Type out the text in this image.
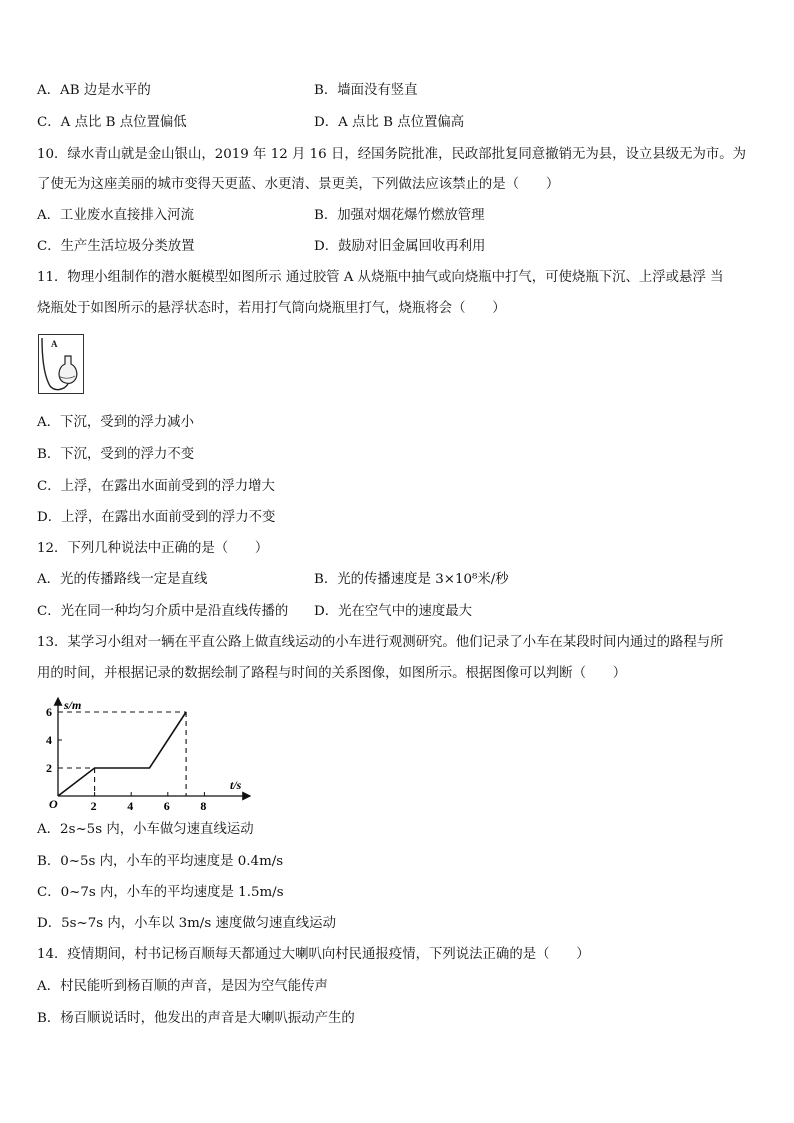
A．AB 边是水平的	B．墙面没有竖直
C．A 点比 B 点位置偏低	D．A 点比 B 点位置偏高
10．绿水青山就是金山银山，2019 年 12 月 16 日，经国务院批准，民政部批复同意撤销无为县，设立县级无为市。为
了使无为这座美丽的城市变得天更蓝、水更清、景更美，下列做法应该禁止的是（　　）
A．工业废水直接排入河流	B．加强对烟花爆竹燃放管理
C．生产生活垃圾分类放置	D．鼓励对旧金属回收再利用
11．物理小组制作的潜水艇模型如图所示 通过胶管 A 从烧瓶中抽气或向烧瓶中打气，可使烧瓶下沉、上浮或悬浮 当
烧瓶处于如图所示的悬浮状态时，若用打气筒向烧瓶里打气，烧瓶将会（　　）
A
A．下沉，受到的浮力减小
B．下沉，受到的浮力不变
C．上浮，在露出水面前受到的浮力增大
D．上浮，在露出水面前受到的浮力不变
12．下列几种说法中正确的是（　　）
A．光的传播路线一定是直线	B．光的传播速度是 3×10⁸米/秒
C．光在同一种均匀介质中是沿直线传播的 D．光在空气中的速度最大
13．某学习小组对一辆在平直公路上做直线运动的小车进行观测研究。他们记录了小车在某段时间内通过的路程与所
用的时间，并根据记录的数据绘制了路程与时间的关系图像，如图所示。根据图像可以判断（　　）
s/m
t/s
O
2
4
6
2	4	6	8
A．2s~5s 内，小车做匀速直线运动
B．0~5s 内，小车的平均速度是 0.4m/s
C．0~7s 内，小车的平均速度是 1.5m/s
D．5s~7s 内，小车以 3m/s 速度做匀速直线运动
14．疫情期间，村书记杨百顺每天都通过大喇叭向村民通报疫情，下列说法正确的是（　　）
A．村民能听到杨百顺的声音，是因为空气能传声
B．杨百顺说话时，他发出的声音是大喇叭振动产生的
